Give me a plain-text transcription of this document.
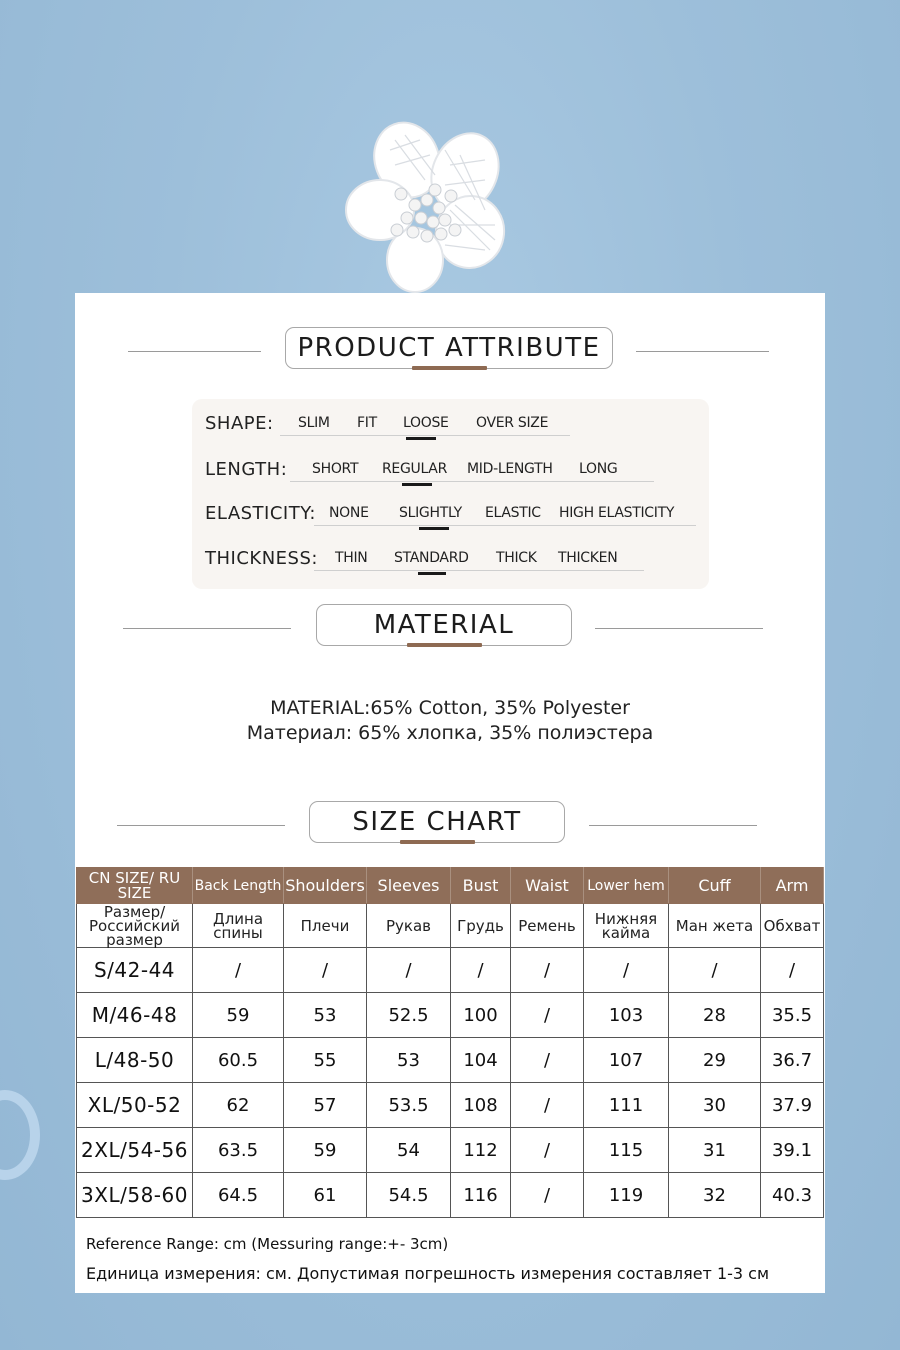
PRODUCT ATTRIBUTE
SHAPE: SLIM FIT LOOSE OVER SIZE
LENGTH: SHORT REGULAR MID-LENGTH LONG
ELASTICITY: NONE SLIGHTLY ELASTIC HIGH ELASTICITY
THICKNESS: THIN STANDARD THICK THICKEN
MATERIAL
MATERIAL:65% Cotton, 35% Polyester
Материал: 65% хлопка, 35% полиэстера
SIZE CHART
CN SIZE/ RU SIZE	Back Length	Shoulders	Sleeves	Bust	Waist	Lower hem	Cuff	Arm
Размер/ Российский размер	Длина спины	Плечи	Рукав	Грудь	Ремень	Нижняя кайма	Ман жета	Обхват
S/42-44	/	/	/	/	/	/	/	/
M/46-48	59	53	52.5	100	/	103	28	35.5
L/48-50	60.5	55	53	104	/	107	29	36.7
XL/50-52	62	57	53.5	108	/	111	30	37.9
2XL/54-56	63.5	59	54	112	/	115	31	39.1
3XL/58-60	64.5	61	54.5	116	/	119	32	40.3
Reference Range: cm (Messuring range:+- 3cm)
Единица измерения: см. Допустимая погрешность измерения составляет 1-3 см
